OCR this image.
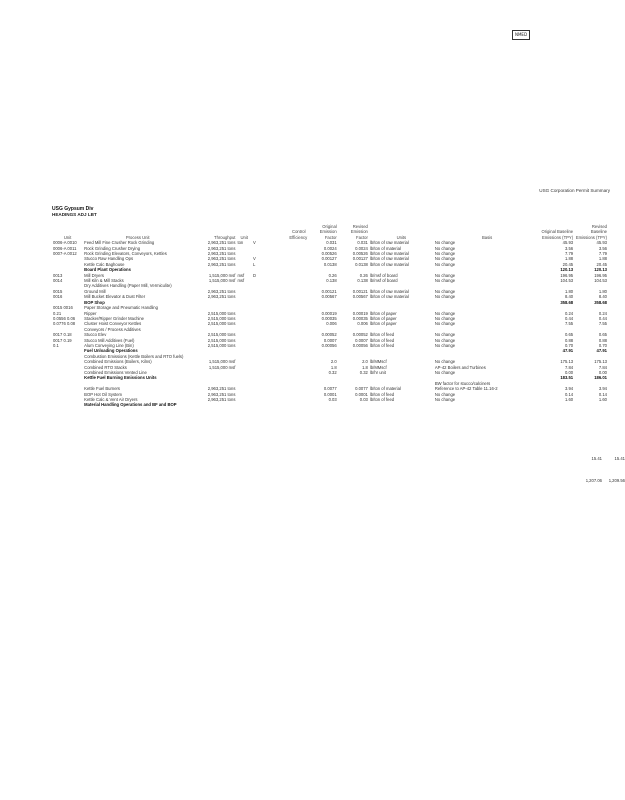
NMED
USG Corporation Permit Summary
USG Gypsum Div
HEADINGS ADJ LBT
Unit	Process Unit	Throughput	Unit				Control Efficiency	Original Emission Factor	Revised Emission Factor	Units	Basis	Original Baseline Emissions (TPY)	Revised Baseline Emissions (TPY)
0006-A 0010	Feed Mill Fine Crusher Rock Grinding	2,963,251 tons	ton	V				0.031	0.031	lb/ton of raw material	No change	45.93	45.93
0006-A 0011	Rock Grinding Crusher Drying	2,963,251 tons						0.0024	0.0024	lb/ton of material	No change	3.56	3.56
0007-A 0012	Rock Grinding Elevators, Conveyors, Kettles	2,963,251 tons						0.00526	0.00526	lb/ton of raw material	No change	7.79	7.79
	Stucco Raw Handling Ops	2,963,251 tons		V				0.00127	0.00127	lb/ton of raw material	No change	1.88	1.88
	Kettle Calc Baghouse	2,963,251 tons		L				0.0138	0.0138	lb/ton of raw material	No change	20.45	20.45
	Board Plant Operations											120.13	120.13
0013	Mill Dryers	1,515,000 msf	msf	D				0.26	0.26	lb/msf of board	No change	196.95	196.95
0014	Mill Kiln & Mill Stacks	1,515,000 msf	msf					0.138	0.138	lb/msf of board	No change	104.53	104.53
	Dry Additives Handling (Paper Mill, Vermiculite)												
0015	Ground Mill	2,963,251 tons						0.00121	0.00121	lb/ton of raw material	No change	1.80	1.80
0016	Mill Bucket Elevator & Dust Filter	2,963,251 tons						0.00567	0.00567	lb/ton of raw material	No change	8.40	8.40
	BOP Shop											358.68	358.68
0015 0016	Paper Storage and Pneumatic Handling												
0.21	Ripper	2,515,000 tons						0.00019	0.00019	lb/ton of paper	No change	0.24	0.24
0.0556 0.06	Stacker/Ripper Grinder Machine	2,515,000 tons						0.00035	0.00035	lb/ton of paper	No change	0.44	0.44
0.0776 0.08	Cluster Hoist Conveyor Kettles	2,515,000 tons						0.006	0.006	lb/ton of paper	No change	7.55	7.55
	Conveyors / Process Additives												
0017 0.18	Stucco Elev	2,515,000 tons						0.00052	0.00052	lb/ton of feed	No change	0.65	0.65
0017 0.19	Stucco Mill Additives (Fuel)	2,515,000 tons						0.0007	0.0007	lb/ton of feed	No change	0.88	0.88
0.1	Alum Conveying Line (Bin)	2,515,000 tons						0.00056	0.00056	lb/ton of feed	No change	0.70	0.70
	Fuel Unloading Operations											47.91	47.91
	Combustion Emissions (Kettle Boilers and RTO fuels)												
	Combined Emissions (Boilers, Kilns)	1,515,000 msf						2.0	2.0	lb/MMscf	No change	175.13	175.13
	Combined RTO Stacks	1,515,000 msf						1.8	1.8	lb/MMscf	AP-42 Boilers and Turbines	7.84	7.84
	Combined Emissions Vented Line							0.32	0.32	lb/hr unit	No change	0.00	0.00
	Kettle Fuel Burning Emissions Units											183.51	186.01
											BW factor for stucco/calciners		
	Kettle Fuel Burners	2,963,251 tons						0.0077	0.0077	lb/ton of material	Reference to AP-42 Table 11.16-2	3.94	3.94
	BOP Hot Oil System	2,963,251 tons						0.0001	0.0001	lb/ton of feed	No change	0.14	0.14
	Kettle Calc & Vent Air Dryers	2,963,251 tons						0.03	0.03	lb/ton of feed	No change	1.60	1.60
	Material Handling Operations and BF and BOP												
15.41	15.41
1,207.06	1,209.56
